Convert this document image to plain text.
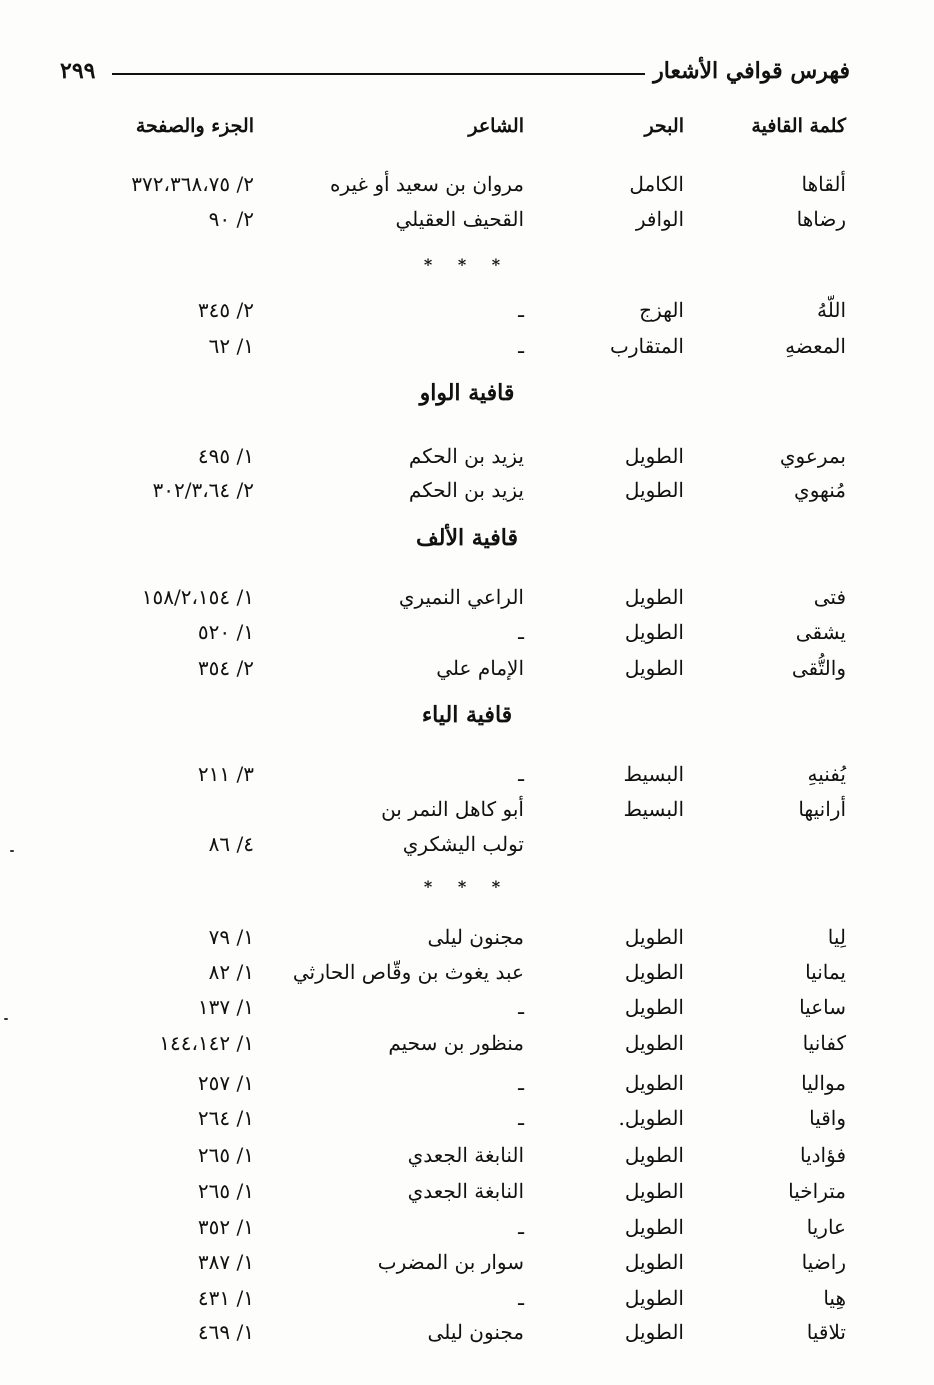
فهرس قوافي الأشعار
٢٩٩
كلمة القافية
البحر
الشاعر
الجزء والصفحة
ألقاها
الكامل
مروان بن سعيد أو غيره
٢/ ٣٧٢،٣٦٨،٧٥
رضاها
الوافر
القحيف العقيلي
٢/ ٩٠
* * *
اللّهُ
الهزج
ـ
٢/ ٣٤٥
المعضهِ
المتقارب
ـ
١/ ٦٢
قافية الواو
بمرعوي
الطويل
يزيد بن الحكم
١/ ٤٩٥
مُنهوي
الطويل
يزيد بن الحكم
٢/ ٣٠٢/٣،٦٤
قافية الألف
فتى
الطويل
الراعي النميري
١/ ١٥٨/٢،١٥٤
يشقى
الطويل
ـ
١/ ٥٢٠
والتُّقى
الطويل
الإمام علي
٢/ ٣٥٤
قافية الياء
يُفنيهِ
البسيط
ـ
٣/ ٢١١
أرانيها
البسيط
أبو كاهل النمر بن
تولب اليشكري
٤/ ٨٦
* * *
لِيا
الطويل
مجنون ليلى
١/ ٧٩
يمانيا
الطويل
عبد يغوث بن وقّاص الحارثي
١/ ٨٢
ساعيا
الطويل
ـ
١/ ١٣٧
كفانيا
الطويل
منظور بن سحيم
١/ ١٤٤،١٤٢
مواليا
الطويل
ـ
١/ ٢٥٧
واقيا
الطويل.
ـ
١/ ٢٦٤
فؤاديا
الطويل
النابغة الجعدي
١/ ٢٦٥
متراخيا
الطويل
النابغة الجعدي
١/ ٢٦٥
عاريا
الطويل
ـ
١/ ٣٥٢
راضيا
الطويل
سوار بن المضرب
١/ ٣٨٧
هِيا
الطويل
ـ
١/ ٤٣١
تلاقيا
الطويل
مجنون ليلى
١/ ٤٦٩
